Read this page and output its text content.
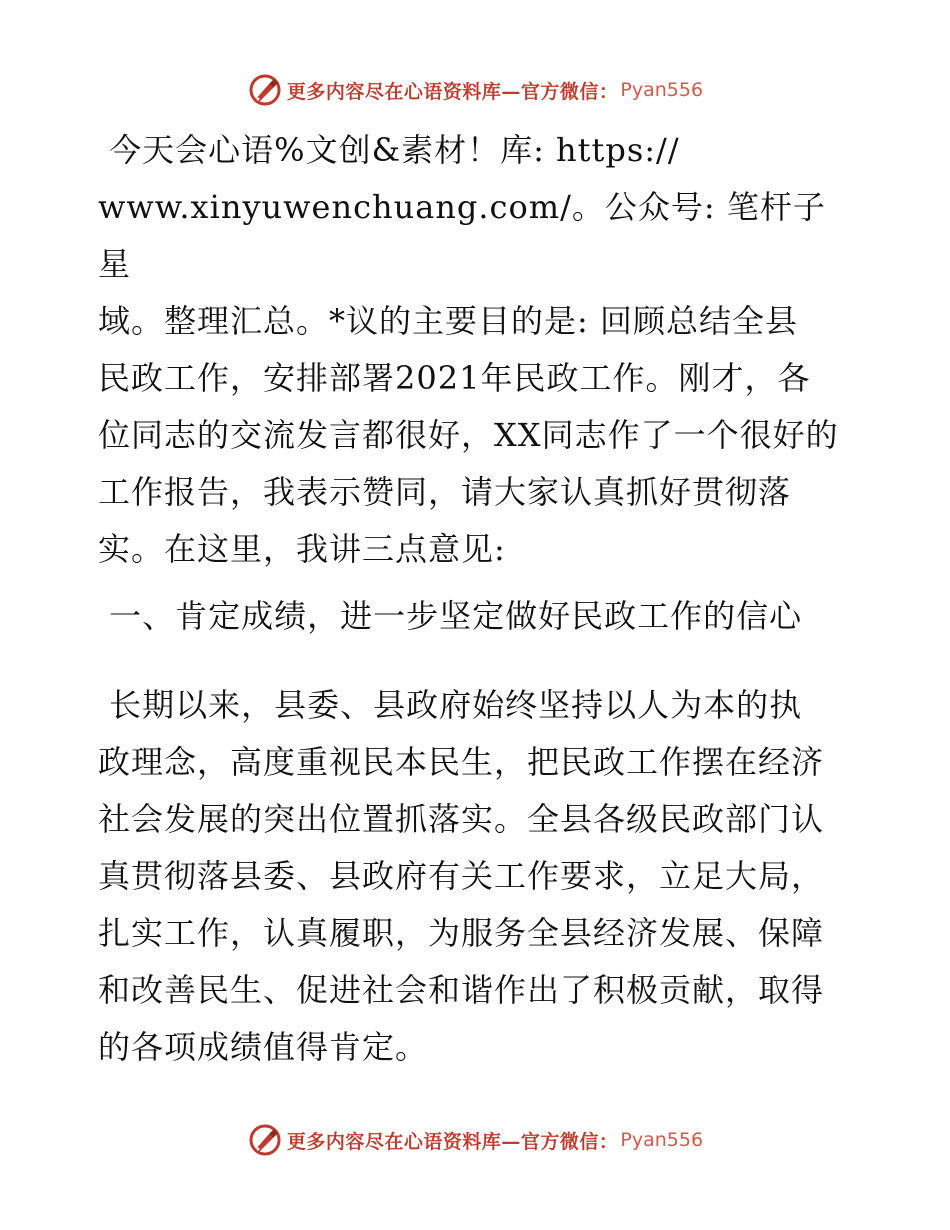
更多内容尽在心语资料库—官方微信： Pyan556

今天会心语%文创&素材！库: https://
www.xinyuwenchuang.com/。公众号: 笔杆子星
域。整理汇总。*议的主要目的是: 回顾总结全县
民政工作，安排部署2021年民政工作。刚才，各
位同志的交流发言都很好，XX同志作了一个很好的
工作报告，我表示赞同，请大家认真抓好贯彻落
实。在这里，我讲三点意见:

一、肯定成绩，进一步坚定做好民政工作的信心

长期以来，县委、县政府始终坚持以人为本的执
政理念，高度重视民本民生，把民政工作摆在经济
社会发展的突出位置抓落实。全县各级民政部门认
真贯彻落县委、县政府有关工作要求，立足大局，
扎实工作，认真履职，为服务全县经济发展、保障
和改善民生、促进社会和谐作出了积极贡献，取得
的各项成绩值得肯定。

更多内容尽在心语资料库—官方微信： Pyan556
